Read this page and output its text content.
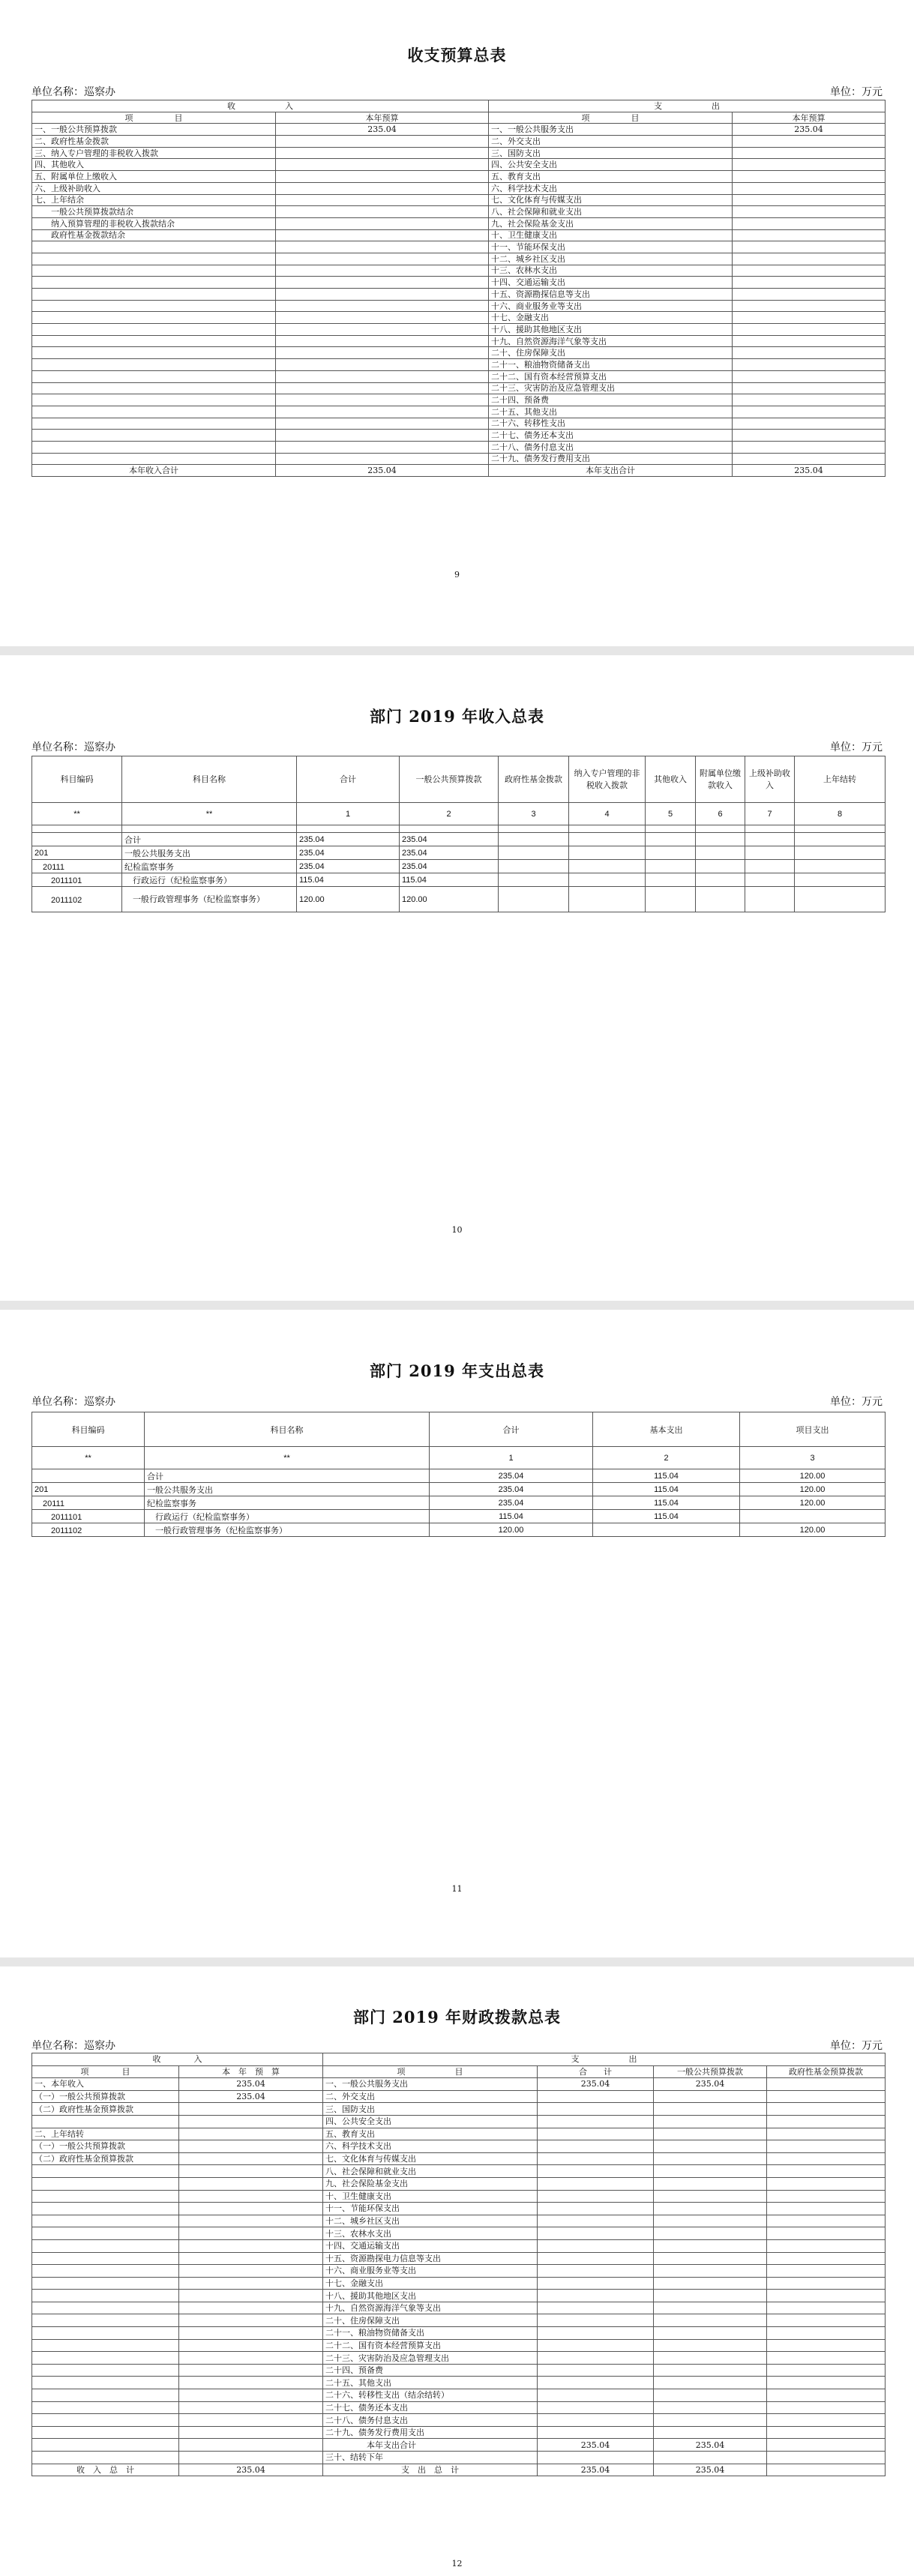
收支预算总表
单位名称：巡察办	单位：万元
收　　　　　　入		支　　　　　　出	
项　　　　　目	本年预算	项　　　　　目	本年预算
一、一般公共预算拨款	235.04	一、一般公共服务支出	235.04
二、政府性基金拨款		二、外交支出	
三、纳入专户管理的非税收入拨款		三、国防支出	
四、其他收入		四、公共安全支出	
五、附属单位上缴收入		五、教育支出	
六、上级补助收入		六、科学技术支出	
七、上年结余		七、文化体育与传媒支出	
　　一般公共预算拨款结余		八、社会保障和就业支出	
　　纳入预算管理的非税收入拨款结余		九、社会保险基金支出	
　　政府性基金拨款结余		十、卫生健康支出	
		十一、节能环保支出	
		十二、城乡社区支出	
		十三、农林水支出	
		十四、交通运输支出	
		十五、资源勘探信息等支出	
		十六、商业服务业等支出	
		十七、金融支出	
		十八、援助其他地区支出	
		十九、自然资源海洋气象等支出	
		二十、住房保障支出	
		二十一、粮油物资储备支出	
		二十二、国有资本经营预算支出	
		二十三、灾害防治及应急管理支出	
		二十四、预备费	
		二十五、其他支出	
		二十六、转移性支出	
		二十七、债务还本支出	
		二十八、债务付息支出	
		二十九、债务发行费用支出	
本年收入合计	235.04	本年支出合计	235.04
9
部门 2019 年收入总表
单位名称：巡察办	单位：万元
科目编码	科目名称	合计	一般公共预算拨款	政府性基金拨款	纳入专户管理的非税收入拨款	其他收入	附属单位缴款收入	上级补助收入	上年结转
**	**	1	2	3	4	5	6	7	8

	合计	235.04	235.04						
201	一般公共服务支出	235.04	235.04						
　20111	纪检监察事务	235.04	235.04						
　　2011101	　行政运行（纪检监察事务）	115.04	115.04						
　　2011102	　一般行政管理事务（纪检监察事务）	120.00	120.00						
10
部门 2019 年支出总表
单位名称：巡察办	单位：万元
科目编码	科目名称	合计	基本支出	项目支出
**	**	1	2	3
	合计	235.04	115.04	120.00
201	一般公共服务支出	235.04	115.04	120.00
　20111	纪检监察事务	235.04	115.04	120.00
　　2011101	　行政运行（纪检监察事务）	115.04	115.04	
　　2011102	　一般行政管理事务（纪检监察事务）	120.00		120.00
11
部门 2019 年财政拨款总表
单位名称：巡察办	单位：万元
收　　　　入		支　　　　　　出			
项　　　　目	本　年　预　算	项　　　　　　目	合　　计	一般公共预算拨款	政府性基金预算拨款
一、本年收入	235.04	一、一般公共服务支出	235.04	235.04	
（一）一般公共预算拨款	235.04	二、外交支出			
（二）政府性基金预算拨款		三、国防支出			
		四、公共安全支出			
二、上年结转		五、教育支出			
（一）一般公共预算拨款		六、科学技术支出			
（二）政府性基金预算拨款		七、文化体育与传媒支出			
		八、社会保障和就业支出			
		九、社会保险基金支出			
		十、卫生健康支出			
		十一、节能环保支出			
		十二、城乡社区支出			
		十三、农林水支出			
		十四、交通运输支出			
		十五、资源勘探电力信息等支出			
		十六、商业服务业等支出			
		十七、金融支出			
		十八、援助其他地区支出			
		十九、自然资源海洋气象等支出			
		二十、住房保障支出			
		二十一、粮油物资储备支出			
		二十二、国有资本经营预算支出			
		二十三、灾害防治及应急管理支出			
		二十四、预备费			
		二十五、其他支出			
		二十六、转移性支出（结余结转）			
		二十七、债务还本支出			
		二十八、债务付息支出			
		二十九、债务发行费用支出			
		　　　　　本年支出合计	235.04	235.04	
		三十、结转下年			
收　入　总　计	235.04	支　出　总　计	235.04	235.04	
12
